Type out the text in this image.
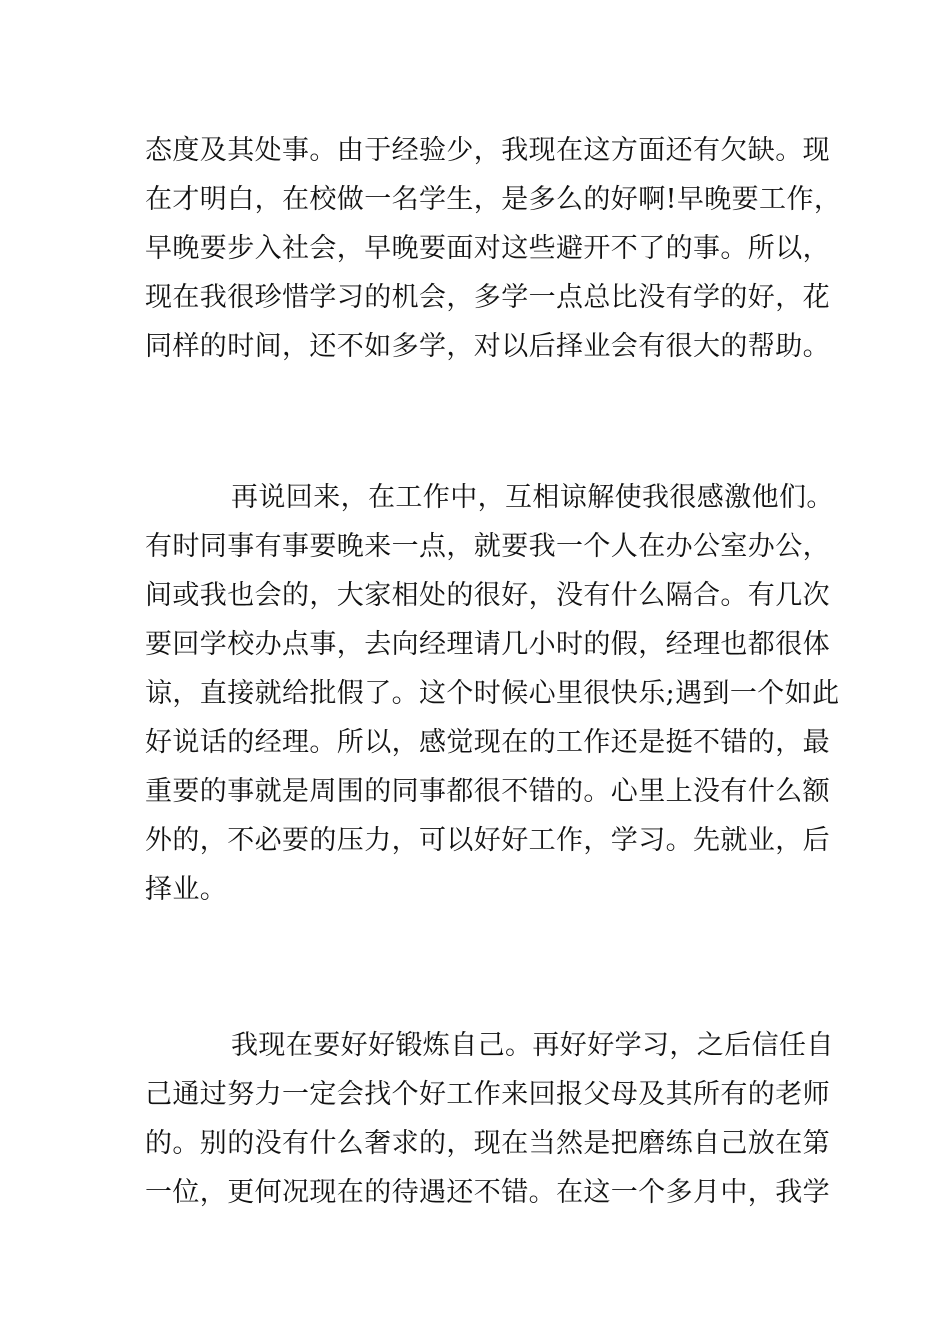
态度及其处事。由于经验少，我现在这方面还有欠缺。现
在才明白，在校做一名学生，是多么的好啊!早晚要工作，
早晚要步入社会，早晚要面对这些避开不了的事。所以，
现在我很珍惜学习的机会，多学一点总比没有学的好，花
同样的时间，还不如多学，对以后择业会有很大的帮助。
再说回来，在工作中，互相谅解使我很感激他们。
有时同事有事要晚来一点，就要我一个人在办公室办公，
间或我也会的，大家相处的很好，没有什么隔合。有几次
要回学校办点事，去向经理请几小时的假，经理也都很体
谅，直接就给批假了。这个时候心里很快乐;遇到一个如此
好说话的经理。所以，感觉现在的工作还是挺不错的，最
重要的事就是周围的同事都很不错的。心里上没有什么额
外的，不必要的压力，可以好好工作，学习。先就业，后
择业。
我现在要好好锻炼自己。再好好学习，之后信任自
己通过努力一定会找个好工作来回报父母及其所有的老师
的。别的没有什么奢求的，现在当然是把磨练自己放在第
一位，更何况现在的待遇还不错。在这一个多月中，我学
